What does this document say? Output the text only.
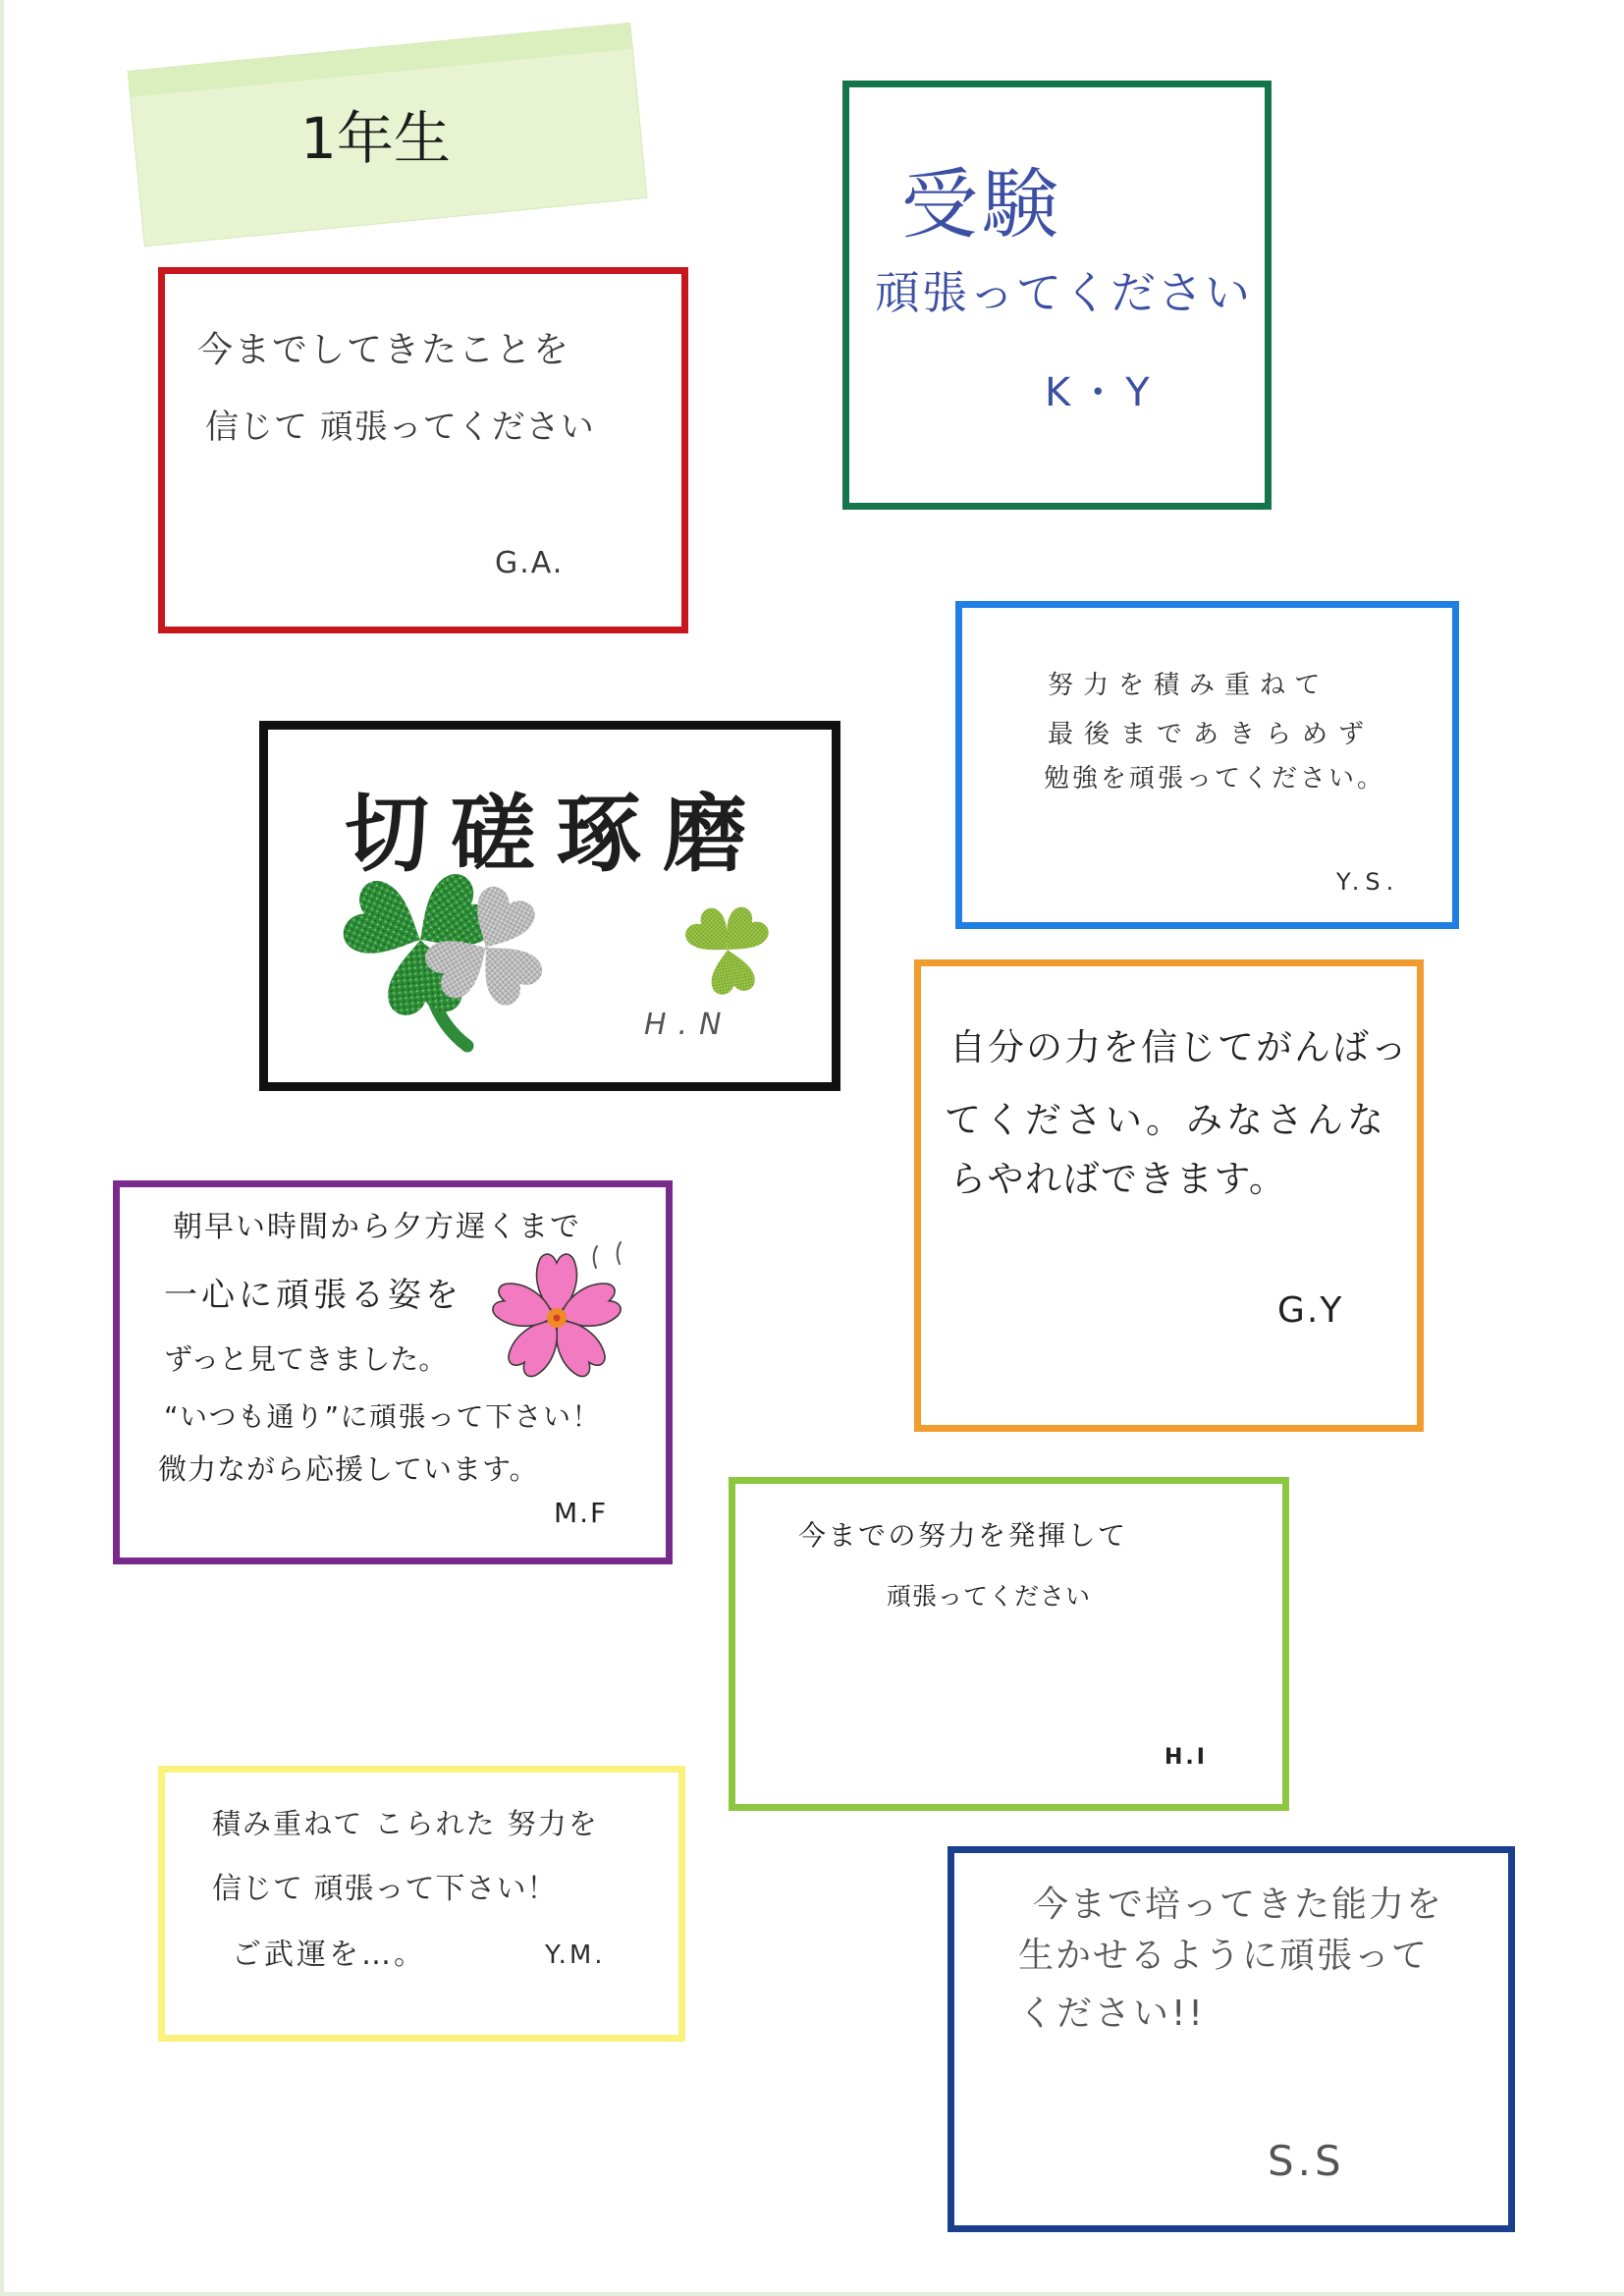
1年生
今までしてきたことを
信じて 頑張ってください
G.A.
受験
頑張ってください
K・Y
努力を積み重ねて
最後まであきらめず
勉強を頑張ってください。
Y.S.
切磋琢磨
H.N
自分の力を信じてがんばっ
てください。みなさんな
らやればできます。
G.Y
朝早い時間から夕方遅くまで
一心に頑張る姿を
ずっと見てきました。
“いつも通り”に頑張って下さい！
微力ながら応援しています。
M.F
今までの努力を発揮して
頑張ってください
H.I
積み重ねて こられた 努力を
信じて 頑張って下さい！
ご武運を…。	Y.M.
今まで培ってきた能力を
生かせるように頑張って
ください!!
S.S
